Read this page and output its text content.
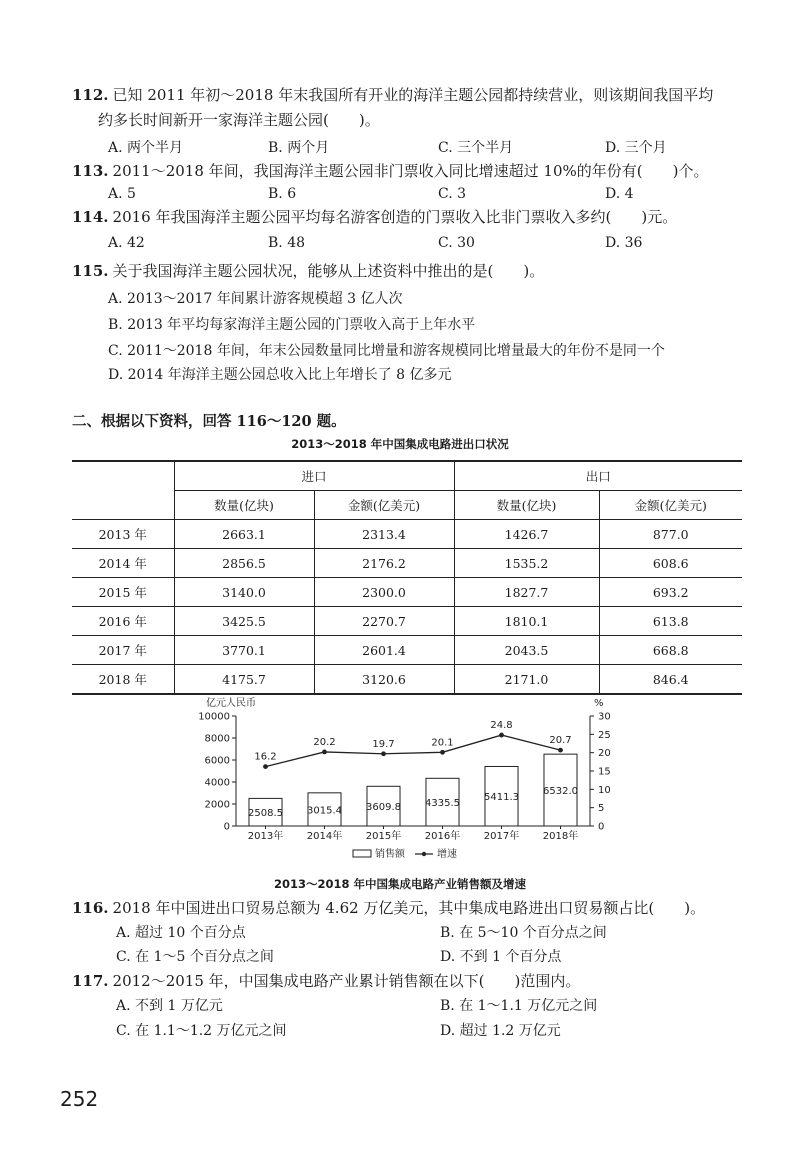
112. 已知 2011 年初～2018 年末我国所有开业的海洋主题公园都持续营业，则该期间我国平均
约多长时间新开一家海洋主题公园(　　)。
A. 两个半月	B. 两个月	C. 三个半月	D. 三个月
113. 2011～2018 年间，我国海洋主题公园非门票收入同比增速超过 10%的年份有(　　)个。
A. 5	B. 6	C. 3	D. 4
114. 2016 年我国海洋主题公园平均每名游客创造的门票收入比非门票收入多约(　　)元。
A. 42	B. 48	C. 30	D. 36
115. 关于我国海洋主题公园状况，能够从上述资料中推出的是(　　)。
A. 2013～2017 年间累计游客规模超 3 亿人次
B. 2013 年平均每家海洋主题公园的门票收入高于上年水平
C. 2011～2018 年间，年末公园数量同比增量和游客规模同比增量最大的年份不是同一个
D. 2014 年海洋主题公园总收入比上年增长了 8 亿多元
二、根据以下资料，回答 116～120 题。
2013～2018 年中国集成电路进出口状况
	进口		出口	
	数量(亿块)	金额(亿美元)	数量(亿块)	金额(亿美元)
2013 年	2663.1	2313.4	1426.7	877.0
2014 年	2856.5	2176.2	1535.2	608.6
2015 年	3140.0	2300.0	1827.7	693.2
2016 年	3425.5	2270.7	1810.1	613.8
2017 年	3770.1	2601.4	2043.5	668.8
2018 年	4175.7	3120.6	2171.0	846.4
亿元人民币	%
0
2000
4000
6000
8000
10000
0
5
10
15
20
25
30
2508.5 3015.4 3609.8 4335.5
5411.3
6532.0
2013年 2014年 2015年 2016年 2017年 2018年
16.2
20.2	19.7	20.1
24.8
20.7
销售额	增速
2013～2018 年中国集成电路产业销售额及增速
116. 2018 年中国进出口贸易总额为 4.62 万亿美元，其中集成电路进出口贸易额占比(　　)。
A. 超过 10 个百分点	B. 在 5～10 个百分点之间
C. 在 1～5 个百分点之间	D. 不到 1 个百分点
117. 2012～2015 年，中国集成电路产业累计销售额在以下(　　)范围内。
A. 不到 1 万亿元	B. 在 1～1.1 万亿元之间
C. 在 1.1～1.2 万亿元之间	D. 超过 1.2 万亿元
252
